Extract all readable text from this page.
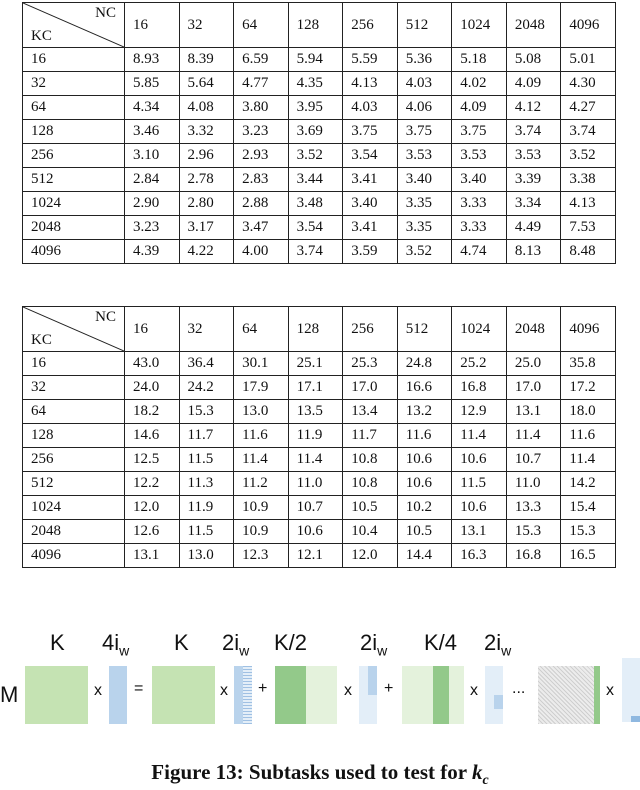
NC
KC	16	32	64	128	256	512	1024	2048	4096
16	8.93	8.39	6.59	5.94	5.59	5.36	5.18	5.08	5.01
32	5.85	5.64	4.77	4.35	4.13	4.03	4.02	4.09	4.30
64	4.34	4.08	3.80	3.95	4.03	4.06	4.09	4.12	4.27
128	3.46	3.32	3.23	3.69	3.75	3.75	3.75	3.74	3.74
256	3.10	2.96	2.93	3.52	3.54	3.53	3.53	3.53	3.52
512	2.84	2.78	2.83	3.44	3.41	3.40	3.40	3.39	3.38
1024	2.90	2.80	2.88	3.48	3.40	3.35	3.33	3.34	4.13
2048	3.23	3.17	3.47	3.54	3.41	3.35	3.33	4.49	7.53
4096	4.39	4.22	4.00	3.74	3.59	3.52	4.74	8.13	8.48
NC
KC	16	32	64	128	256	512	1024	2048	4096
16	43.0	36.4	30.1	25.1	25.3	24.8	25.2	25.0	35.8
32	24.0	24.2	17.9	17.1	17.0	16.6	16.8	17.0	17.2
64	18.2	15.3	13.0	13.5	13.4	13.2	12.9	13.1	18.0
128	14.6	11.7	11.6	11.9	11.7	11.6	11.4	11.4	11.6
256	12.5	11.5	11.4	11.4	10.8	10.6	10.6	10.7	11.4
512	12.2	11.3	11.2	11.0	10.8	10.6	11.5	11.0	14.2
1024	12.0	11.9	10.9	10.7	10.5	10.2	10.6	13.3	15.4
2048	12.6	11.5	10.9	10.6	10.4	10.5	13.1	15.3	15.3
4096	13.1	13.0	12.3	12.1	12.0	14.4	16.3	16.8	16.5
M
K $4i_w$ K $2i_w$ K/2 $2i_w$ K/4 $2i_w$
x =	x +	x +	x ...	x
Figure 13: Subtasks used to test for $k_c$
